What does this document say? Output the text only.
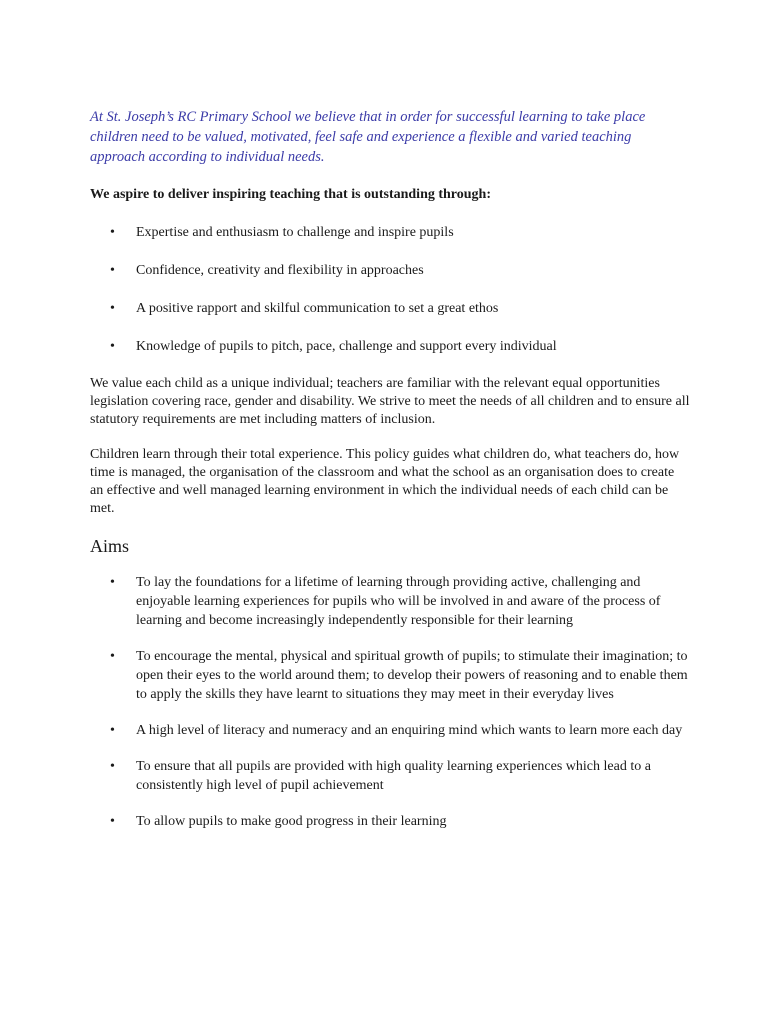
At St. Joseph’s RC Primary School we believe that in order for successful learning to take place children need to be valued, motivated, feel safe and experience a flexible and varied teaching approach according to individual needs.

We aspire to deliver inspiring teaching that is outstanding through:

• Expertise and enthusiasm to challenge and inspire pupils
• Confidence, creativity and flexibility in approaches
• A positive rapport and skilful communication to set a great ethos
• Knowledge of pupils to pitch, pace, challenge and support every individual

We value each child as a unique individual; teachers are familiar with the relevant equal opportunities legislation covering race, gender and disability. We strive to meet the needs of all children and to ensure all statutory requirements are met including matters of inclusion.

Children learn through their total experience. This policy guides what children do, what teachers do, how time is managed, the organisation of the classroom and what the school as an organisation does to create an effective and well managed learning environment in which the individual needs of each child can be met.

Aims
• To lay the foundations for a lifetime of learning through providing active, challenging and enjoyable learning experiences for pupils who will be involved in and aware of the process of learning and become increasingly independently responsible for their learning
• To encourage the mental, physical and spiritual growth of pupils; to stimulate their imagination; to open their eyes to the world around them; to develop their powers of reasoning and to enable them to apply the skills they have learnt to situations they may meet in their everyday lives
• A high level of literacy and numeracy and an enquiring mind which wants to learn more each day
• To ensure that all pupils are provided with high quality learning experiences which lead to a consistently high level of pupil achievement
• To allow pupils to make good progress in their learning
